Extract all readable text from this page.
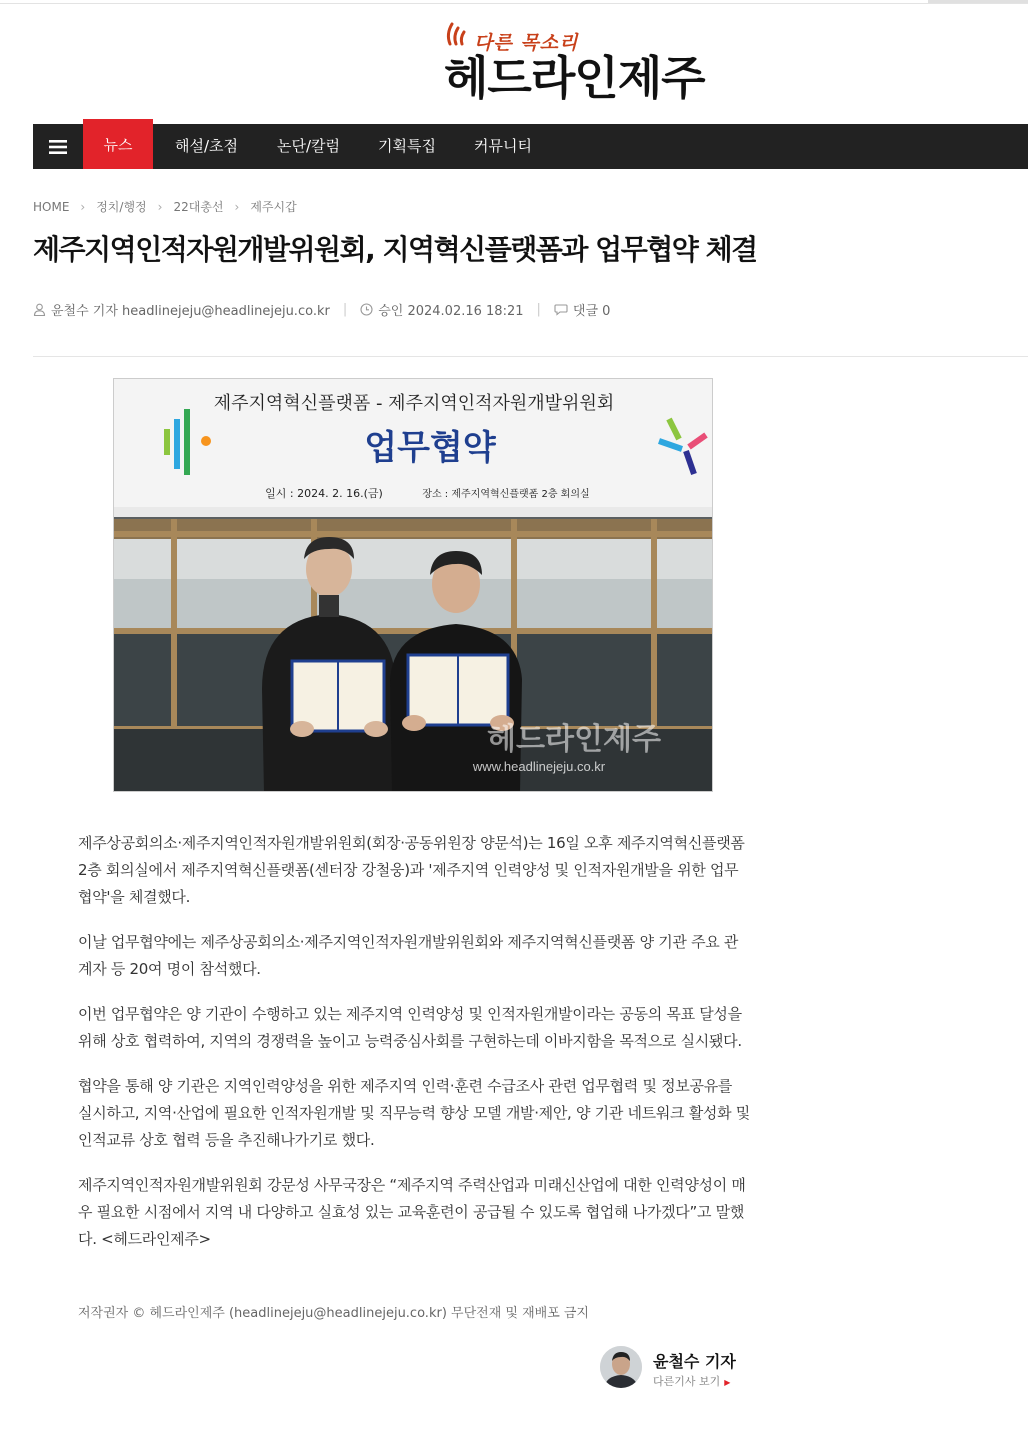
다른 목소리
헤드라인제주
뉴스	해설/초점	논단/칼럼	기획특집	커뮤니티
HOME › 정치/행정 › 22대총선 › 제주시갑
제주지역인적자원개발위원회, 지역혁신플랫폼과 업무협약 체결
윤철수 기자 headlinejeju@headlinejeju.co.kr | 승인 2024.02.16 18:21 | 댓글 0
제주지역혁신플랫폼 - 제주지역인적자원개발위원회
업무협약
일시 : 2024. 2. 16.(금)	장소 : 제주지역혁신플랫폼 2층 회의실
헤드라인제주
www.headlinejeju.co.kr

제주상공회의소·제주지역인적자원개발위원회(회장·공동위원장 양문석)는 16일 오후 제주지역혁신플랫폼 2층 회의실에서 제주지역혁신플랫폼(센터장 강철웅)과 '제주지역 인력양성 및 인적자원개발을 위한 업무협약'을 체결했다.

이날 업무협약에는 제주상공회의소·제주지역인적자원개발위원회와 제주지역혁신플랫폼 양 기관 주요 관계자 등 20여 명이 참석했다.

이번 업무협약은 양 기관이 수행하고 있는 제주지역 인력양성 및 인적자원개발이라는 공동의 목표 달성을 위해 상호 협력하여, 지역의 경쟁력을 높이고 능력중심사회를 구현하는데 이바지함을 목적으로 실시됐다.

협약을 통해 양 기관은 지역인력양성을 위한 제주지역 인력·훈련 수급조사 관련 업무협력 및 정보공유를 실시하고, 지역·산업에 필요한 인적자원개발 및 직무능력 향상 모델 개발·제안, 양 기관 네트워크 활성화 및 인적교류 상호 협력 등을 추진해나가기로 했다.

제주지역인적자원개발위원회 강문성 사무국장은 “제주지역 주력산업과 미래신산업에 대한 인력양성이 매우 필요한 시점에서 지역 내 다양하고 실효성 있는 교육훈련이 공급될 수 있도록 협업해 나가겠다”고 말했다. <헤드라인제주>

저작권자 © 헤드라인제주 (headlinejeju@headlinejeju.co.kr) 무단전재 및 재배포 금지
윤철수 기자
다른기사 보기 ▶
